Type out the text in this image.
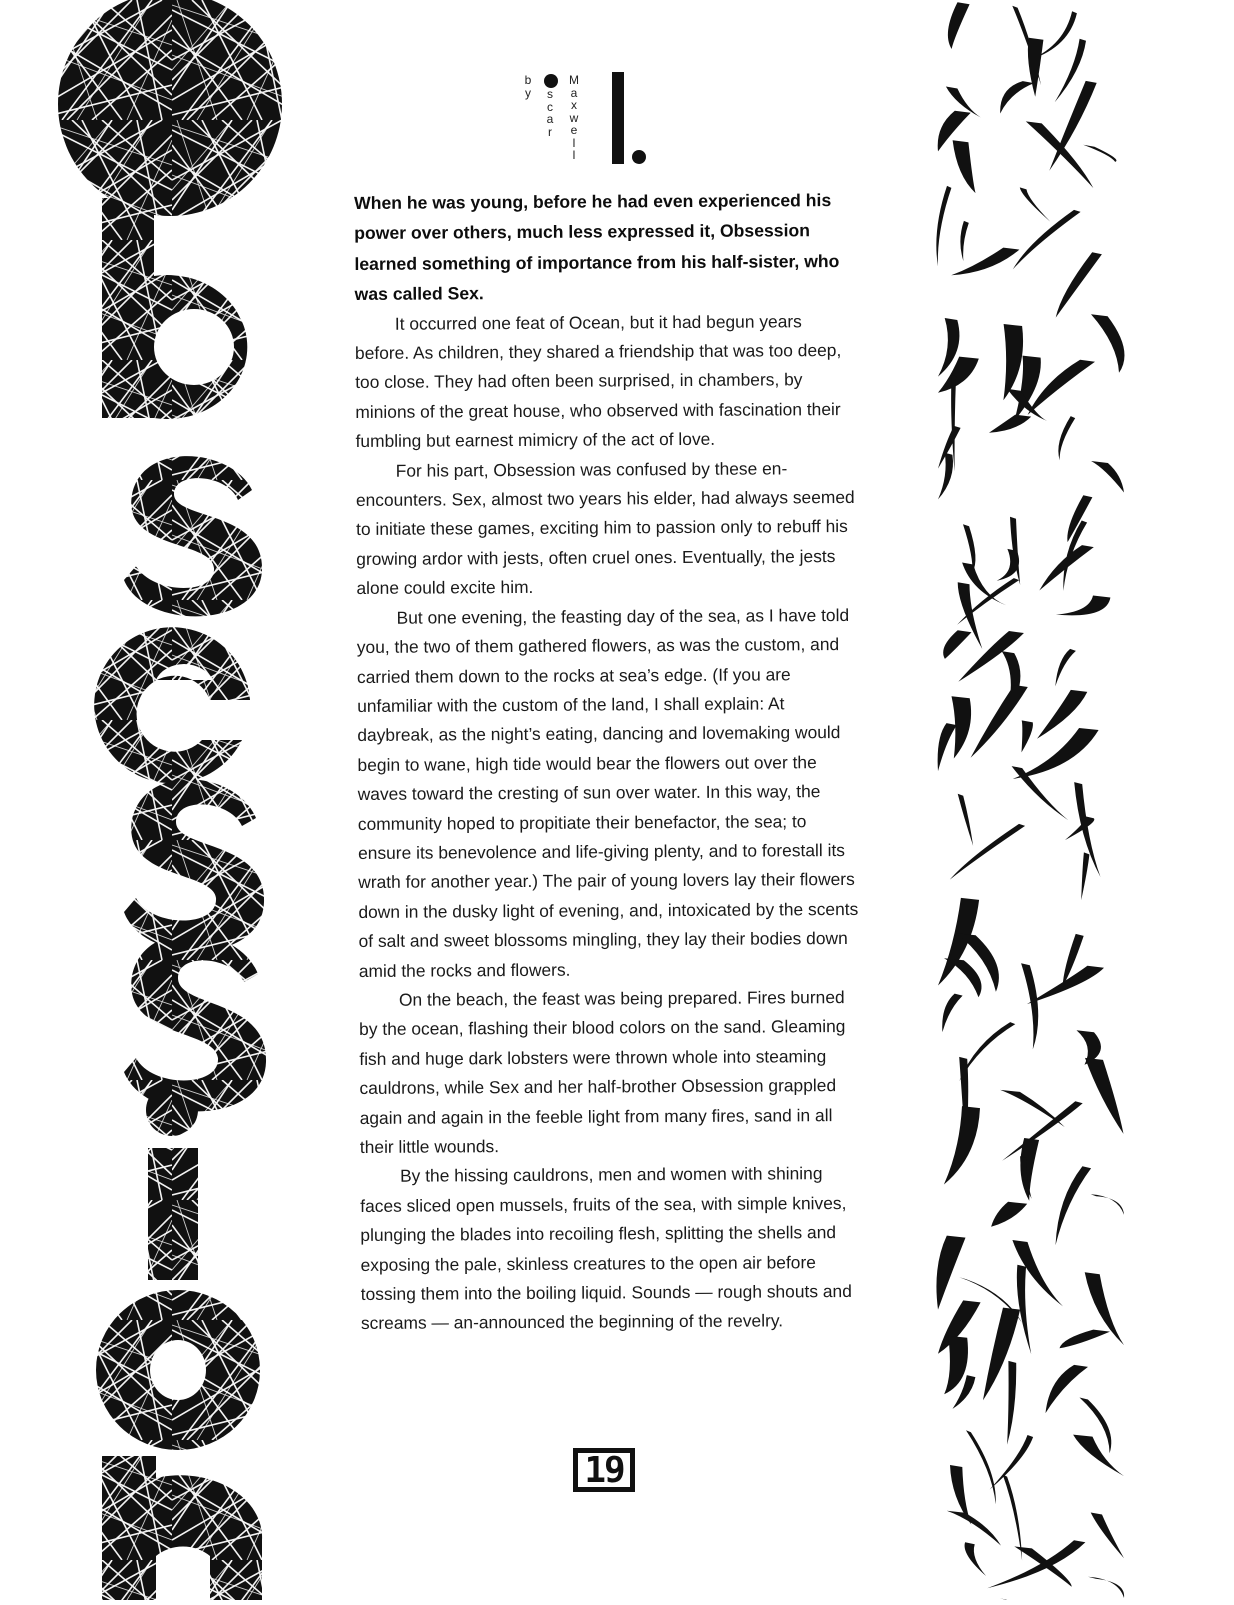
b
y s
c
a
r
M
a
x
w
e
l
l

When he was young, before he had even experienced his power over others, much less expressed it, Obsession learned something of importance from his half-sister, who was called Sex.

It occurred one feat of Ocean, but it had begun years before. As children, they shared a friendship that was too deep, too close. They had often been surprised, in chambers, by minions of the great house, who observed with fascination their fumbling but earnest mimicry of the act of love.

For his part, Obsession was confused by these en-encounters. Sex, almost two years his elder, had always seemed to initiate these games, exciting him to passion only to rebuff his growing ardor with jests, often cruel ones. Eventually, the jests alone could excite him.

But one evening, the feasting day of the sea, as I have told you, the two of them gathered flowers, as was the custom, and carried them down to the rocks at sea’s edge. (If you are unfamiliar with the custom of the land, I shall explain: At daybreak, as the night’s eating, dancing and lovemaking would begin to wane, high tide would bear the flowers out over the waves toward the cresting of sun over water. In this way, the community hoped to propitiate their benefactor, the sea; to ensure its benevolence and life-giving plenty, and to forestall its wrath for another year.) The pair of young lovers lay their flowers down in the dusky light of evening, and, intoxicated by the scents of salt and sweet blossoms mingling, they lay their bodies down amid the rocks and flowers.

On the beach, the feast was being prepared. Fires burned by the ocean, flashing their blood colors on the sand. Gleaming fish and huge dark lobsters were thrown whole into steaming cauldrons, while Sex and her half-brother Obsession grappled again and again in the feeble light from many fires, sand in all their little wounds.

By the hissing cauldrons, men and women with shining faces sliced open mussels, fruits of the sea, with simple knives, plunging the blades into recoiling flesh, splitting the shells and exposing the pale, skinless creatures to the open air before tossing them into the boiling liquid. Sounds — rough shouts and screams — an-announced the beginning of the revelry.

19
